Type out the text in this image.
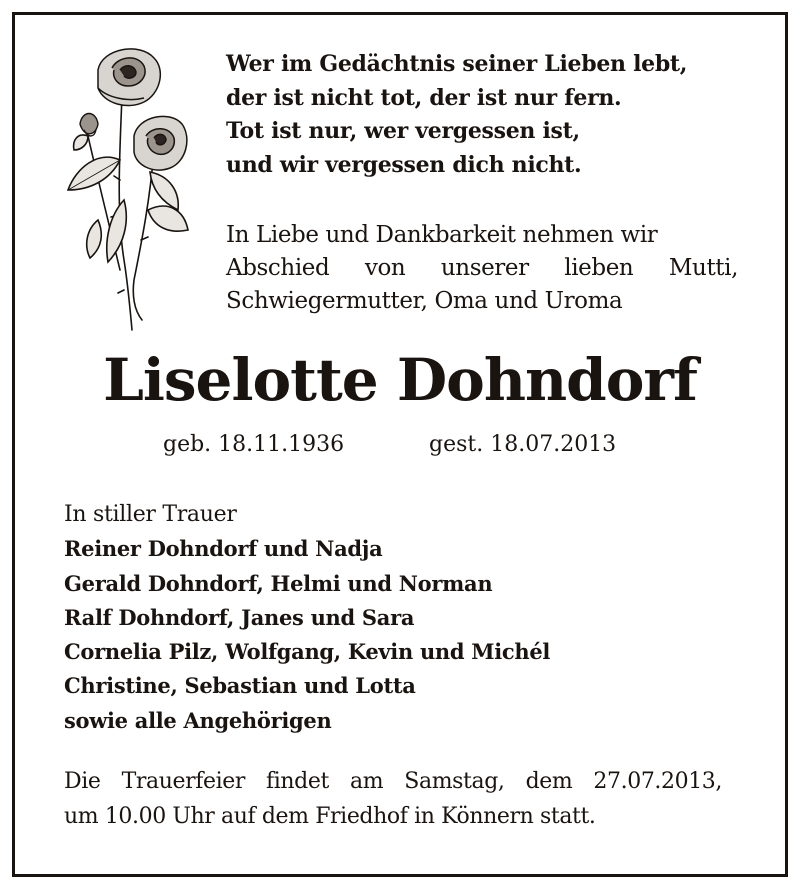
Wer im Gedächtnis seiner Lieben lebt,
der ist nicht tot, der ist nur fern.
Tot ist nur, wer vergessen ist,
und wir vergessen dich nicht.
In Liebe und Dankbarkeit nehmen wir
Abschied von unserer lieben Mutti,
Schwiegermutter, Oma und Uroma
Liselotte Dohndorf
geb. 18.11.1936	gest. 18.07.2013
In stiller Trauer
Reiner Dohndorf und Nadja
Gerald Dohndorf, Helmi und Norman
Ralf Dohndorf, Janes und Sara
Cornelia Pilz, Wolfgang, Kevin und Michél
Christine, Sebastian und Lotta
sowie alle Angehörigen
Die Trauerfeier findet am Samstag, dem 27.07.2013,
um 10.00 Uhr auf dem Friedhof in Könnern statt.
